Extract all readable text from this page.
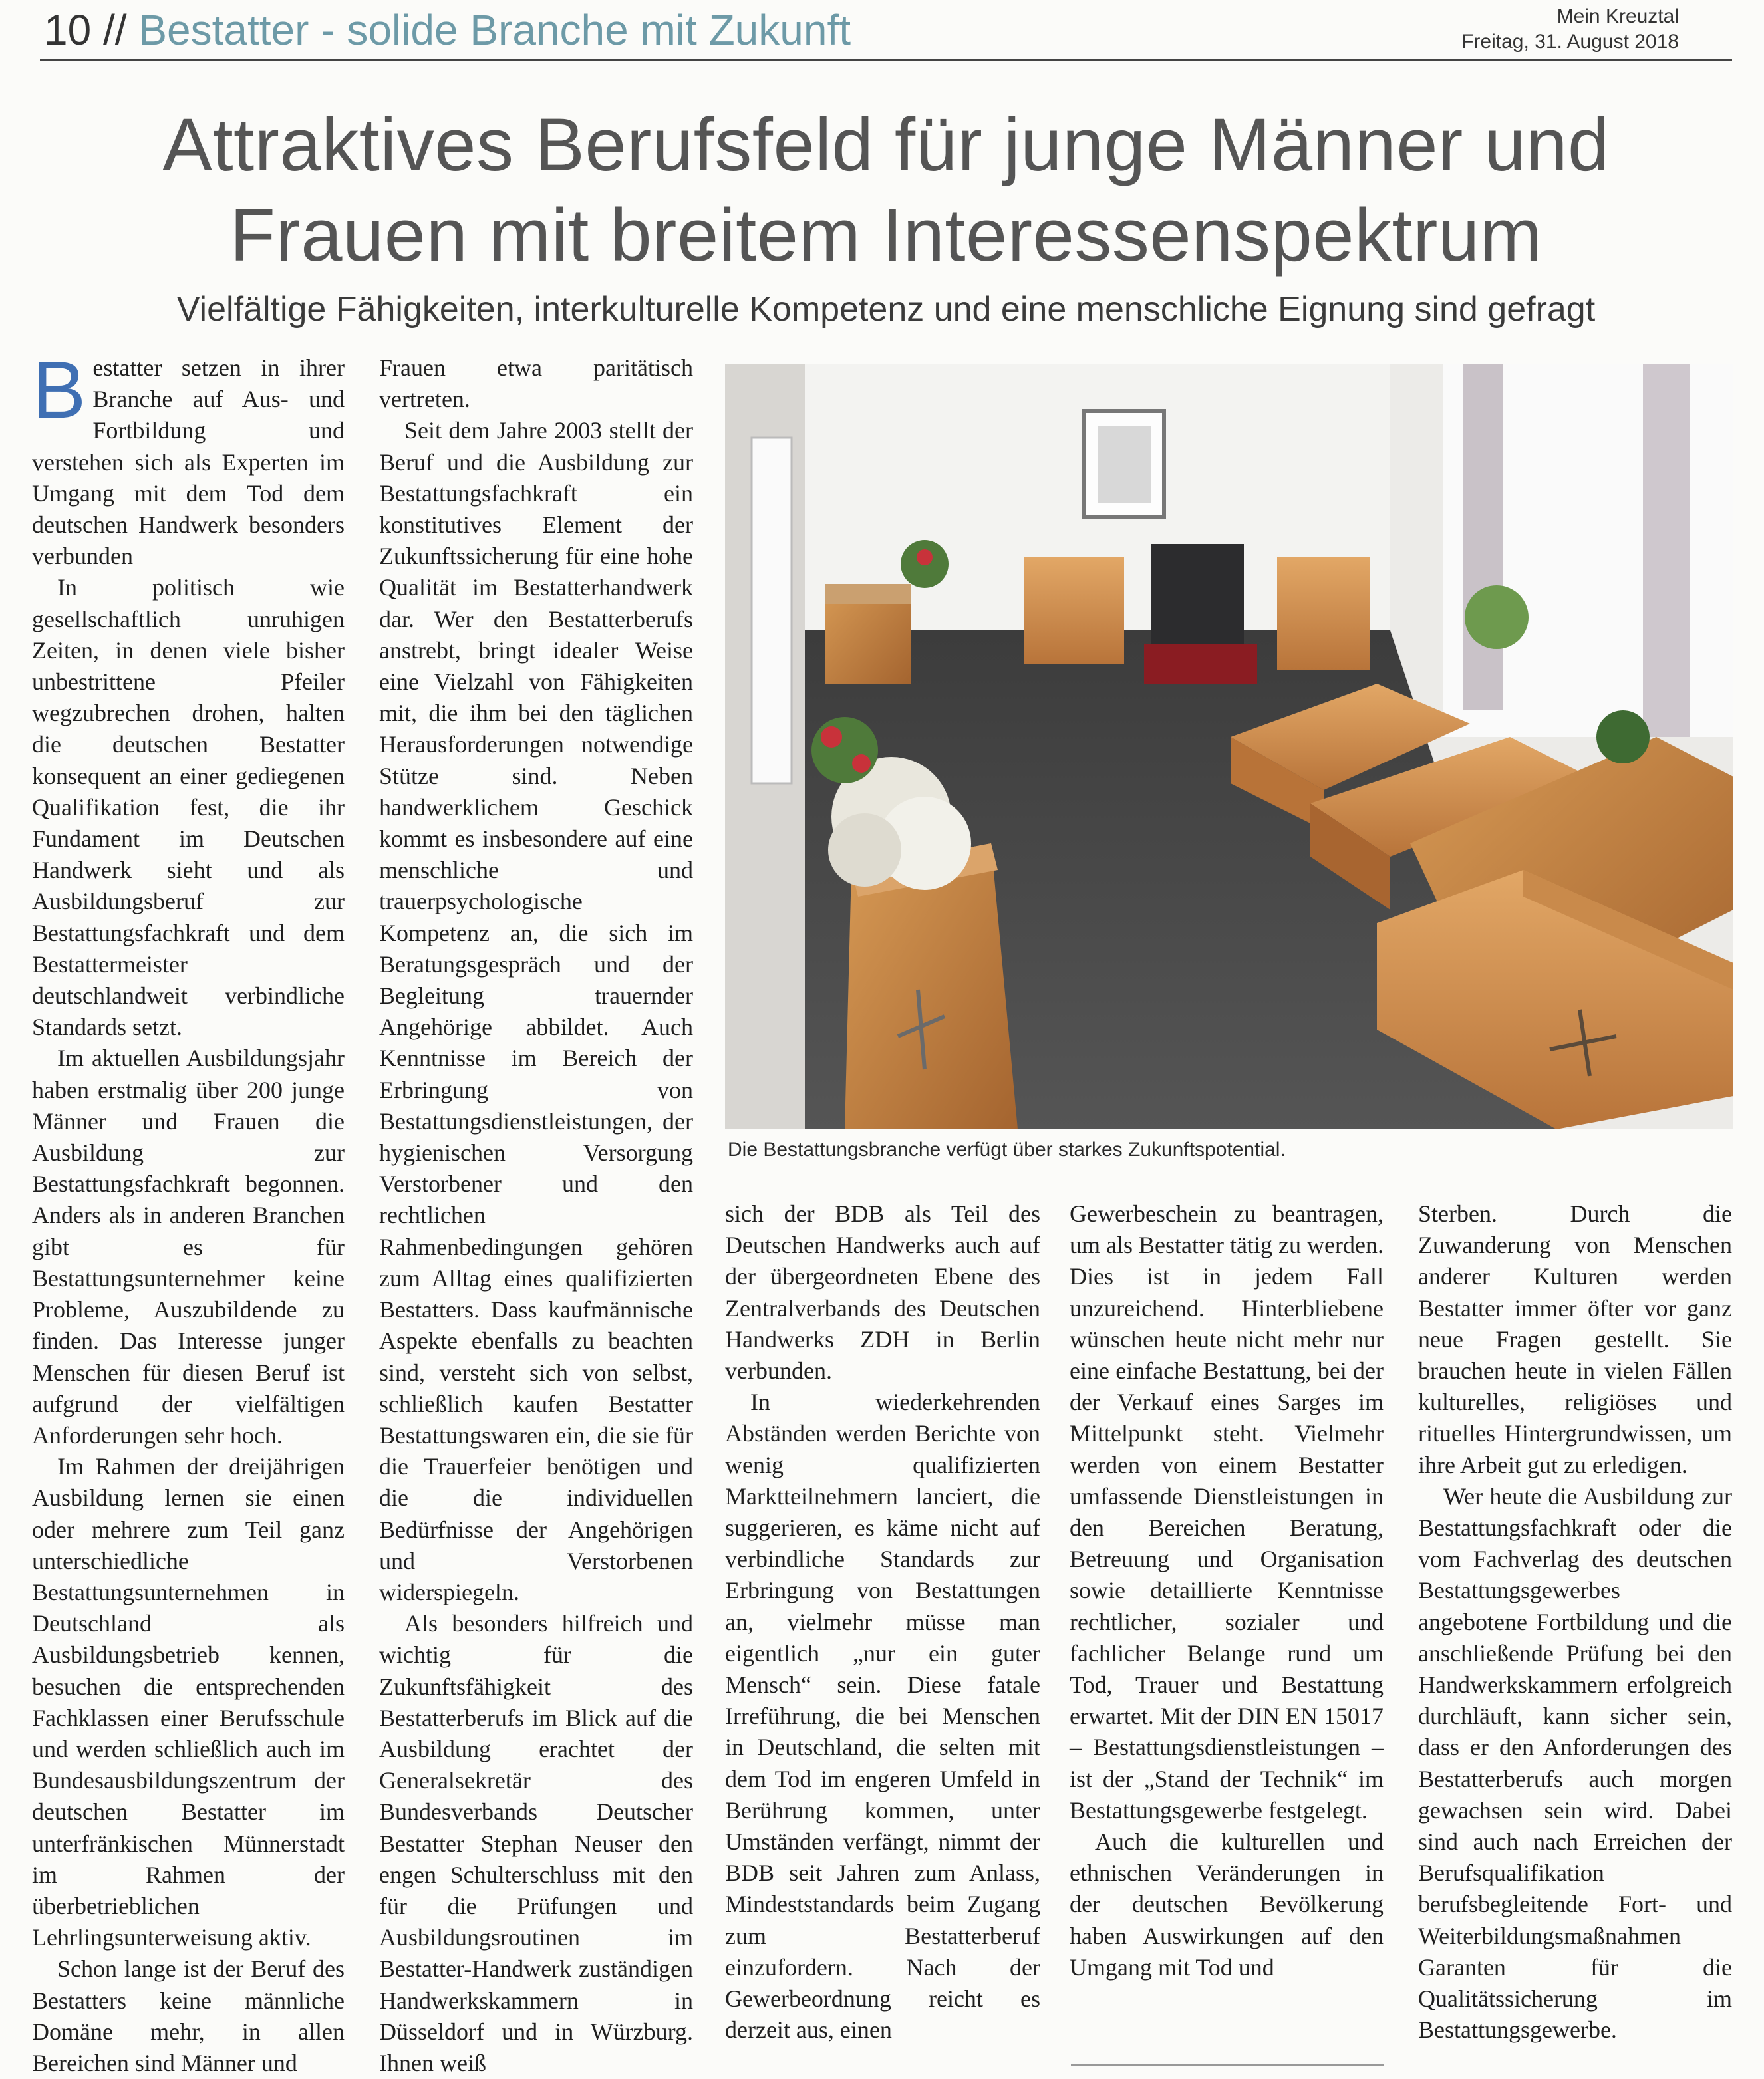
10 // Bestatter - solide Branche mit Zukunft	Mein Kreuztal
Freitag, 31. August 2018
Attraktives Berufsfeld für junge Männer und
Frauen mit breitem Interessenspektrum
Vielfältige Fähigkeiten, interkulturelle Kompetenz und eine menschliche Eignung sind gefragt

Bestatter setzen in ihrer Branche auf Aus- und Fortbildung und verstehen sich als Experten im Umgang mit dem Tod dem deutschen Handwerk besonders verbunden

In politisch wie gesellschaftlich unruhigen Zeiten, in denen viele bisher unbestrittene Pfeiler wegzubrechen drohen, halten die deutschen Bestatter konsequent an einer gediegenen Qualifikation fest, die ihr Fundament im Deutschen Handwerk sieht und als Ausbildungsberuf zur Bestattungsfachkraft und dem Bestattermeister deutschlandweit verbindliche Standards setzt.

Im aktuellen Ausbildungsjahr haben erstmalig über 200 junge Männer und Frauen die Ausbildung zur Bestattungsfachkraft begonnen. Anders als in anderen Branchen gibt es für Bestattungsunternehmer keine Probleme, Auszubildende zu finden. Das Interesse junger Menschen für diesen Beruf ist aufgrund der vielfältigen Anforderungen sehr hoch.

Im Rahmen der dreijährigen Ausbildung lernen sie einen oder mehrere zum Teil ganz unterschiedliche Bestattungsunternehmen in Deutschland als Ausbildungsbetrieb kennen, besuchen die entsprechenden Fachklassen einer Berufsschule und werden schließlich auch im Bundesausbildungszentrum der deutschen Bestatter im unterfränkischen Münnerstadt im Rahmen der überbetrieblichen Lehrlingsunterweisung aktiv.

Schon lange ist der Beruf des Bestatters keine männliche Domäne mehr, in allen Bereichen sind Männer und

Frauen etwa paritätisch vertreten.

Seit dem Jahre 2003 stellt der Beruf und die Ausbildung zur Bestattungsfachkraft ein konstitutives Element der Zukunftssicherung für eine hohe Qualität im Bestatterhandwerk dar. Wer den Bestatterberufs anstrebt, bringt idealer Weise eine Vielzahl von Fähigkeiten mit, die ihm bei den täglichen Herausforderungen notwendige Stütze sind. Neben handwerklichem Geschick kommt es insbesondere auf eine menschliche und trauerpsychologische Kompetenz an, die sich im Beratungsgespräch und der Begleitung trauernder Angehörige abbildet. Auch Kenntnisse im Bereich der Erbringung von Bestattungsdienstleistungen, der hygienischen Versorgung Verstorbener und den rechtlichen Rahmenbedingungen gehören zum Alltag eines qualifizierten Bestatters. Dass kaufmännische Aspekte ebenfalls zu beachten sind, versteht sich von selbst, schließlich kaufen Bestatter Bestattungswaren ein, die sie für die Trauerfeier benötigen und die die individuellen Bedürfnisse der Angehörigen und Verstorbenen widerspiegeln.

Als besonders hilfreich und wichtig für die Zukunftsfähigkeit des Bestatterberufs im Blick auf die Ausbildung erachtet der Generalsekretär des Bundesverbands Deutscher Bestatter Stephan Neuser den engen Schulterschluss mit den für die Prüfungen und Ausbildungsroutinen im Bestatter-Handwerk zuständigen Handwerkskammern in Düsseldorf und in Würzburg. Ihnen weiß

Die Bestattungsbranche verfügt über starkes Zukunftspotential.

sich der BDB als Teil des Deutschen Handwerks auch auf der übergeordneten Ebene des Zentralverbands des Deutschen Handwerks ZDH in Berlin verbunden.

In wiederkehrenden Abständen werden Berichte von wenig qualifizierten Marktteilnehmern lanciert, die suggerieren, es käme nicht auf verbindliche Standards zur Erbringung von Bestattungen an, vielmehr müsse man eigentlich „nur ein guter Mensch“ sein. Diese fatale Irreführung, die bei Menschen in Deutschland, die selten mit dem Tod im engeren Umfeld in Berührung kommen, unter Umständen verfängt, nimmt der BDB seit Jahren zum Anlass, Mindeststandards beim Zugang zum Bestatterberuf einzufordern. Nach der Gewerbeordnung reicht es derzeit aus, einen

Gewerbeschein zu beantragen, um als Bestatter tätig zu werden. Dies ist in jedem Fall unzureichend. Hinterbliebene wünschen heute nicht mehr nur eine einfache Bestattung, bei der der Verkauf eines Sarges im Mittelpunkt steht. Vielmehr werden von einem Bestatter umfassende Dienstleistungen in den Bereichen Beratung, Betreuung und Organisation sowie detaillierte Kenntnisse rechtlicher, sozialer und fachlicher Belange rund um Tod, Trauer und Bestattung erwartet. Mit der DIN EN 15017 – Bestattungsdienstleistungen – ist der „Stand der Technik“ im Bestattungsgewerbe festgelegt.

Auch die kulturellen und ethnischen Veränderungen in der deutschen Bevölkerung haben Auswirkungen auf den Umgang mit Tod und

Sterben. Durch die Zuwanderung von Menschen anderer Kulturen werden Bestatter immer öfter vor ganz neue Fragen gestellt. Sie brauchen heute in vielen Fällen kulturelles, religiöses und rituelles Hintergrundwissen, um ihre Arbeit gut zu erledigen.

Wer heute die Ausbildung zur Bestattungsfachkraft oder die vom Fachverlag des deutschen Bestattungsgewerbes angebotene Fortbildung und die anschließende Prüfung bei den Handwerkskammern erfolgreich durchläuft, kann sicher sein, dass er den Anforderungen des Bestatterberufs auch morgen gewachsen sein wird. Dabei sind auch nach Erreichen der Berufsqualifikation berufsbegleitende Fort- und Weiterbildungsmaßnahmen Garanten für die Qualitätssicherung im Bestattungsgewerbe.
